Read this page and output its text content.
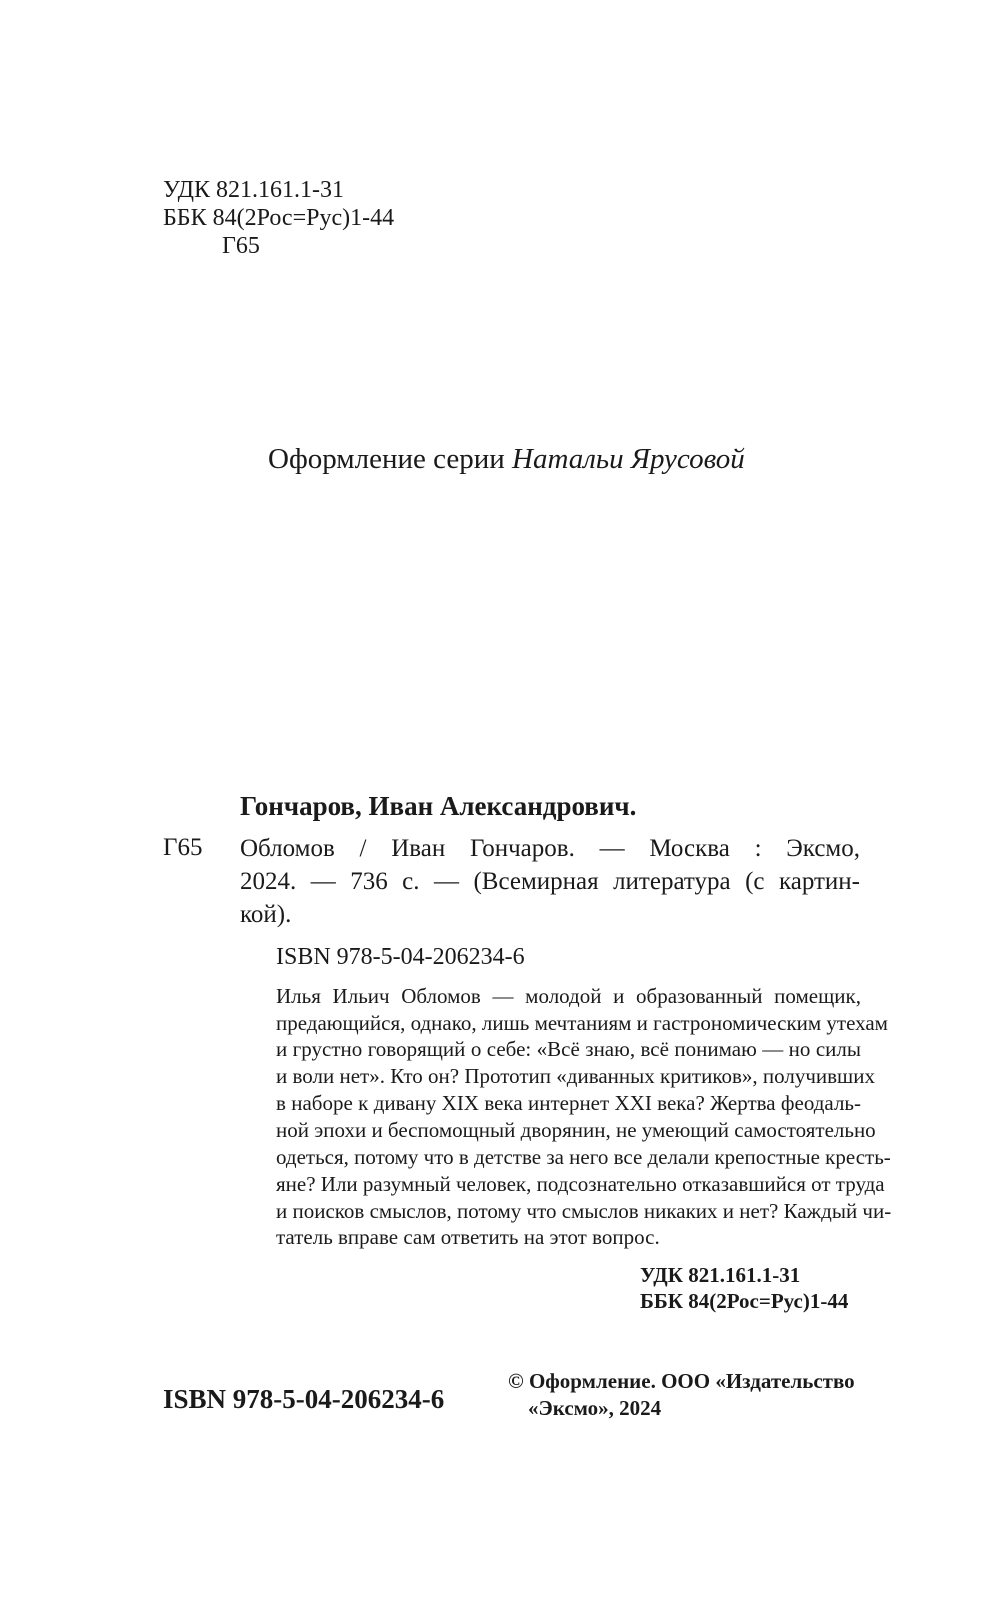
УДК 821.161.1-31
ББК 84(2Рос=Рус)1-44
Г65
Оформление серии Натальи Ярусовой
Гончаров, Иван Александрович.
Г65 Обломов / Иван Гончаров. — Москва : Эксмо,
2024. — 736 с. — (Всемирная литература (с картин-
кой).
ISBN 978-5-04-206234-6
Илья Ильич Обломов — молодой и образованный помещик,
предающийся, однако, лишь мечтаниям и гастрономическим утехам
и грустно говорящий о себе: «Всё знаю, всё понимаю — но силы
и воли нет». Кто он? Прототип «диванных критиков», получивших
в наборе к дивану XIX века интернет XXI века? Жертва феодаль-
ной эпохи и беспомощный дворянин, не умеющий самостоятельно
одеться, потому что в детстве за него все делали крепостные кресть-
яне? Или разумный человек, подсознательно отказавшийся от труда
и поисков смыслов, потому что смыслов никаких и нет? Каждый чи-
татель вправе сам ответить на этот вопрос.
УДК 821.161.1-31
ББК 84(2Рос=Рус)1-44
ISBN 978-5-04-206234-6
© Оформление. ООО «Издательство
«Эксмо», 2024
